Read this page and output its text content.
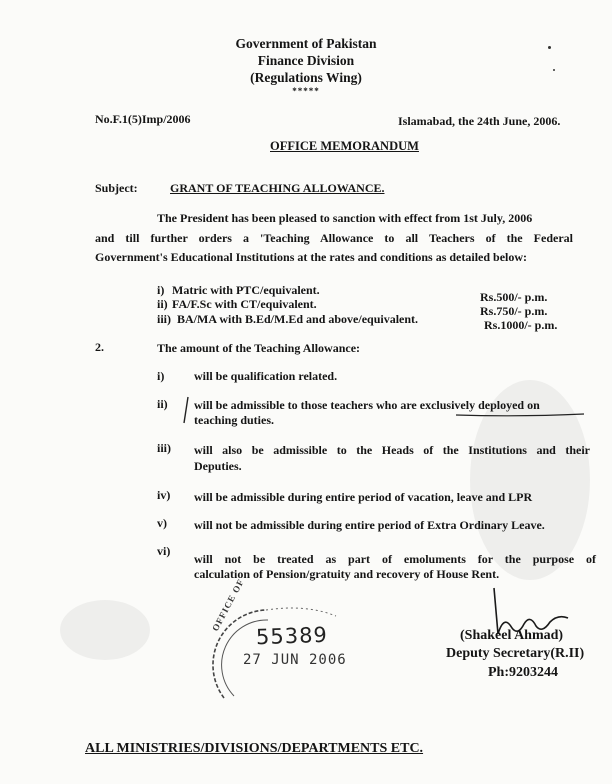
Government of Pakistan
Finance Division
(Regulations Wing)
*****
No.F.1(5)Imp/2006	Islamabad, the 24th June, 2006.
OFFICE MEMORANDUM
Subject:	GRANT OF TEACHING ALLOWANCE.
The President has been pleased to sanction with effect from 1st July, 2006
and till further orders a 'Teaching Allowance to all Teachers of the Federal
Government's Educational Institutions at the rates and conditions as detailed below:
i) Matric with PTC/equivalent.	Rs.500/- p.m.
ii) FA/F.Sc with CT/equivalent.	Rs.750/- p.m.
iii) BA/MA with B.Ed/M.Ed and above/equivalent.	Rs.1000/- p.m.
2.	The amount of the Teaching Allowance:
i) will be qualification related.
ii) will be admissible to those teachers who are exclusively deployed on
teaching duties.
iii) will also be admissible to the Heads of the Institutions and their
Deputies.
iv) will be admissible during entire period of vacation, leave and LPR
v) will not be admissible during entire period of Extra Ordinary Leave.
vi)
will not be treated as part of emoluments for the purpose of
calculation of Pension/gratuity and recovery of House Rent.
OFFICE OF
55389
27 JUN 2006
(Shakeel Ahmad)
Deputy Secretary(R.II)
Ph:9203244
ALL MINISTRIES/DIVISIONS/DEPARTMENTS ETC.
